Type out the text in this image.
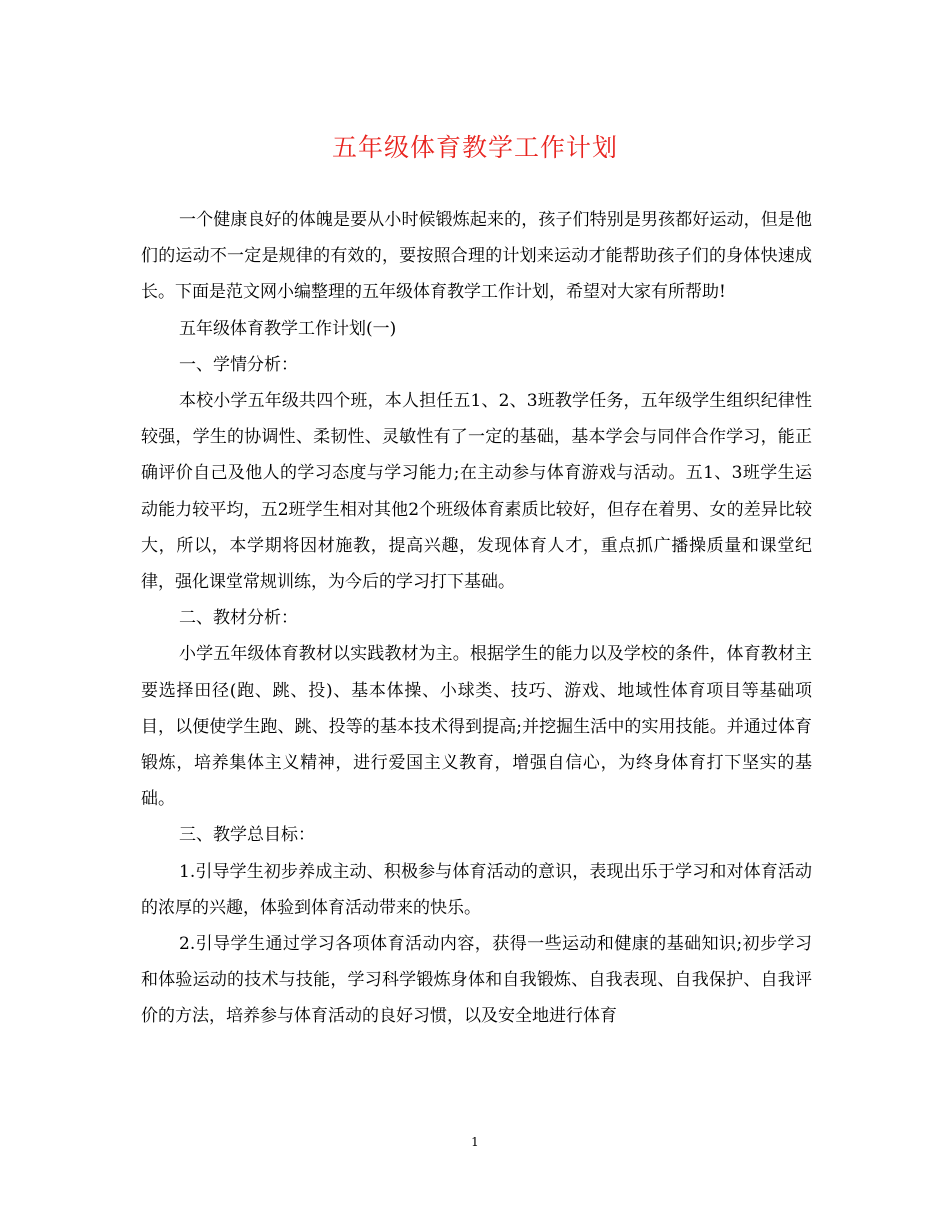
五年级体育教学工作计划

一个健康良好的体魄是要从小时候锻炼起来的，孩子们特别是男孩都好运动，但是他们的运动不一定是规律的有效的，要按照合理的计划来运动才能帮助孩子们的身体快速成长。下面是范文网小编整理的五年级体育教学工作计划，希望对大家有所帮助!

五年级体育教学工作计划(一)

一、学情分析：

本校小学五年级共四个班，本人担任五1、2、3班教学任务，五年级学生组织纪律性较强，学生的协调性、柔韧性、灵敏性有了一定的基础，基本学会与同伴合作学习，能正确评价自己及他人的学习态度与学习能力;在主动参与体育游戏与活动。五1、3班学生运动能力较平均，五2班学生相对其他2个班级体育素质比较好，但存在着男、女的差异比较大，所以，本学期将因材施教，提高兴趣，发现体育人才，重点抓广播操质量和课堂纪律，强化课堂常规训练，为今后的学习打下基础。

二、教材分析：

小学五年级体育教材以实践教材为主。根据学生的能力以及学校的条件，体育教材主要选择田径(跑、跳、投)、基本体操、小球类、技巧、游戏、地域性体育项目等基础项目，以便使学生跑、跳、投等的基本技术得到提高;并挖掘生活中的实用技能。并通过体育锻炼，培养集体主义精神，进行爱国主义教育，增强自信心，为终身体育打下坚实的基础。

三、教学总目标：

1.引导学生初步养成主动、积极参与体育活动的意识，表现出乐于学习和对体育活动的浓厚的兴趣，体验到体育活动带来的快乐。

2.引导学生通过学习各项体育活动内容，获得一些运动和健康的基础知识;初步学习和体验运动的技术与技能，学习科学锻炼身体和自我锻炼、自我表现、自我保护、自我评价的方法，培养参与体育活动的良好习惯，以及安全地进行体育

1
